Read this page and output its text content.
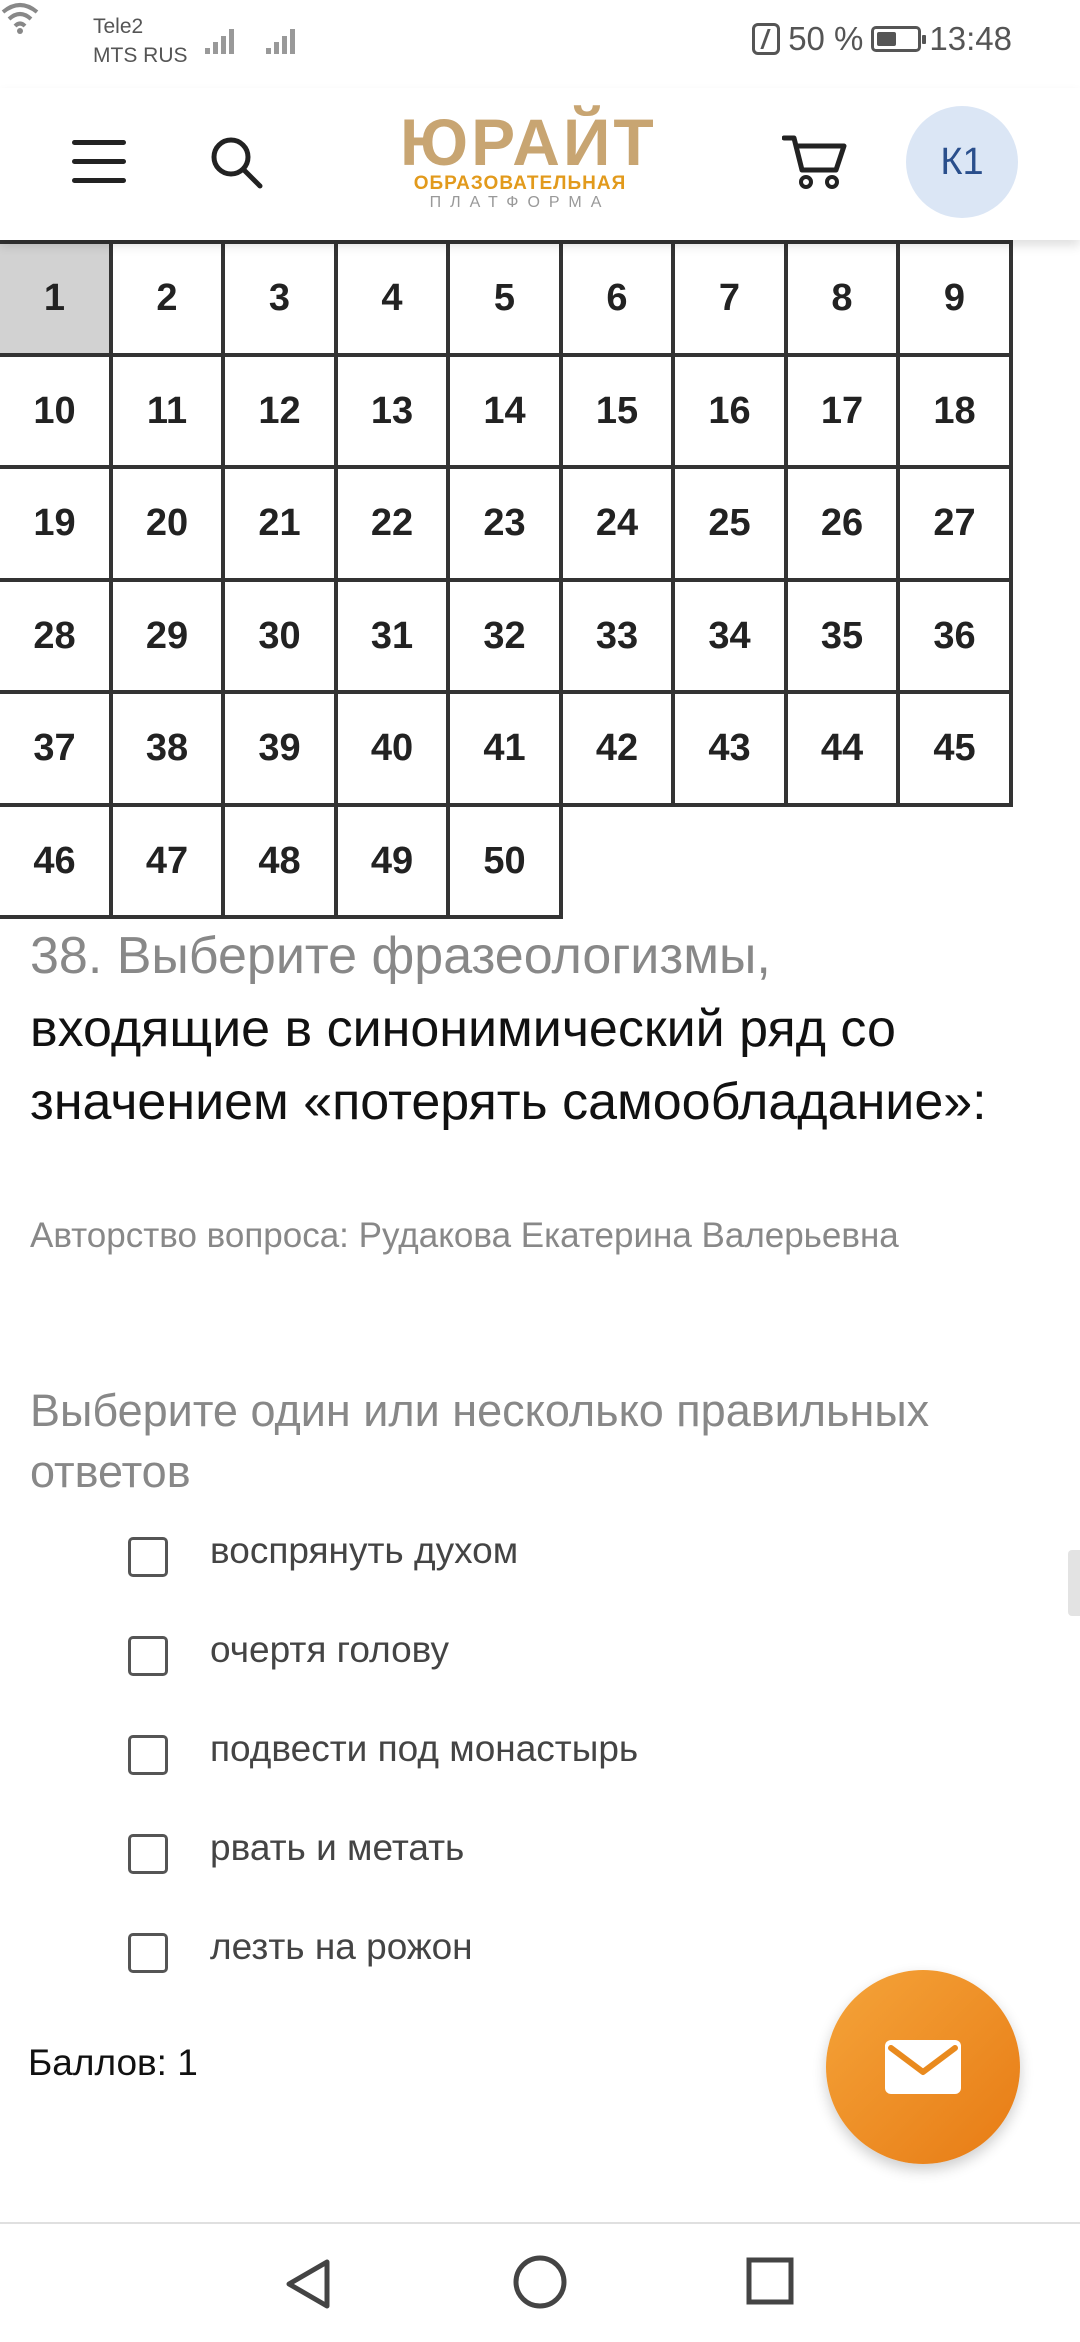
Tele2
MTS RUS	50 % 13:48
ЮРАЙТ
ОБРАЗОВАТЕЛЬНАЯ
ПЛАТФОРМА
К1
1	2	3	4	5	6	7	8	9
10	11	12	13	14	15	16	17	18
19	20	21	22	23	24	25	26	27
28	29	30	31	32	33	34	35	36
37	38	39	40	41	42	43	44	45
46	47	48	49	50
38. Выберите фразеологизмы, входящие в синонимический ряд со значением «потерять самообладание»:
Авторство вопроса: Рудакова Екатерина Валерьевна
Выберите один или несколько правильных ответов
воспрянуть духом
очертя голову
подвести под монастырь
рвать и метать
лезть на рожон
Баллов: 1
